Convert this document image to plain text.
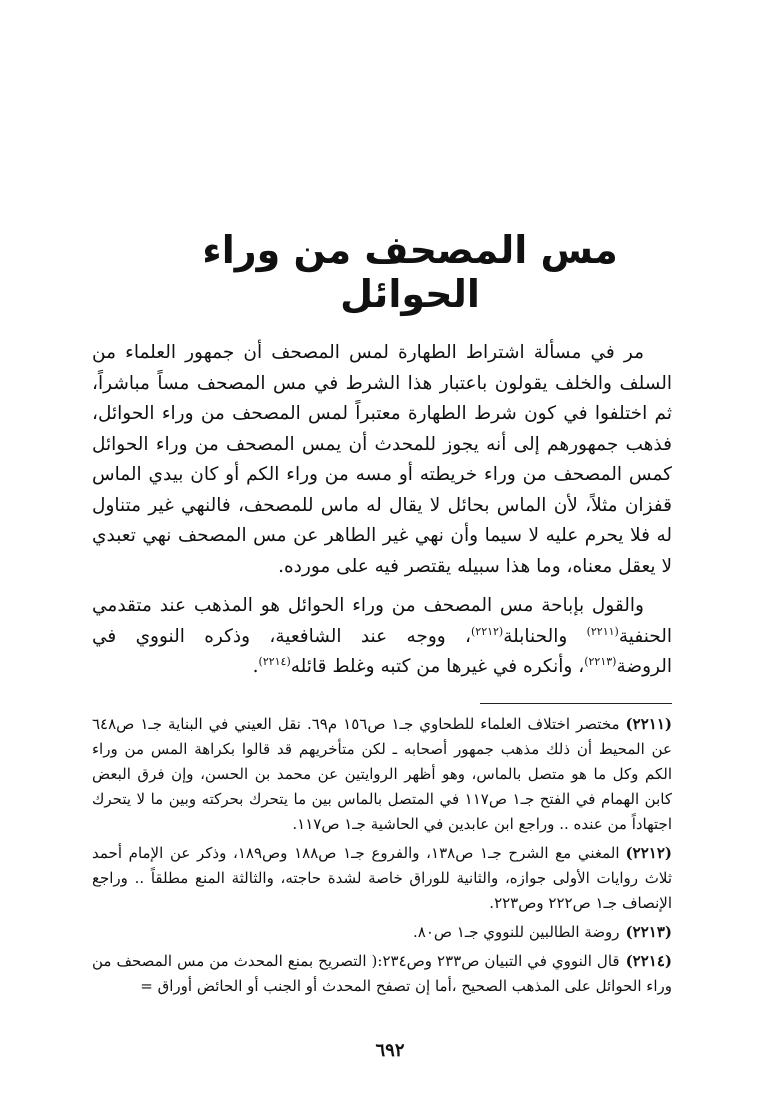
مس المصحف من وراء الحوائل

مر في مسألة اشتراط الطهارة لمس المصحف أن جمهور العلماء من السلف والخلف يقولون باعتبار هذا الشرط في مس المصحف مساً مباشراً، ثم اختلفوا في كون شرط الطهارة معتبراً لمس المصحف من وراء الحوائل، فذهب جمهورهم إلى أنه يجوز للمحدث أن يمس المصحف من وراء الحوائل كمس المصحف من وراء خريطته أو مسه من وراء الكم أو كان بيدي الماس قفزان مثلاً، لأن الماس بحائل لا يقال له ماس للمصحف، فالنهي غير متناول له فلا يحرم عليه لا سيما وأن نهي غير الطاهر عن مس المصحف نهي تعبدي لا يعقل معناه، وما هذا سبيله يقتصر فيه على مورده.

والقول بإباحة مس المصحف من وراء الحوائل هو المذهب عند متقدمي الحنفية$^{(٢٢١١)}$ والحنابلة$^{(٢٢١٢)}$، ووجه عند الشافعية، وذكره النووي في الروضة$^{(٢٢١٣)}$، وأنكره في غيرها من كتبه وغلط قائله$^{(٢٢١٤)}$.

(٢٢١١)مختصر اختلاف العلماء للطحاوي جـ١ ص١٥٦ م٦٩. نقل العيني في البناية جـ١ ص٦٤٨ عن المحيط أن ذلك مذهب جمهور أصحابه ـ لكن متأخريهم قد قالوا بكراهة المس من وراء الكم وكل ما هو متصل بالماس، وهو أظهر الروايتين عن محمد بن الحسن، وإن فرق البعض كابن الهمام في الفتح جـ١ ص١١٧ في المتصل بالماس بين ما يتحرك بحركته وبين ما لا يتحرك اجتهاداً من عنده .. وراجع ابن عابدين في الحاشية جـ١ ص١١٧.
(٢٢١٢)المغني مع الشرح جـ١ ص١٣٨، والفروع جـ١ ص١٨٨ وص١٨٩، وذكر عن الإمام أحمد ثلاث روايات الأولى جوازه، والثانية للوراق خاصة لشدة حاجته، والثالثة المنع مطلقاً .. وراجع الإنصاف جـ١ ص٢٢٢ وص٢٢٣.
(٢٢١٣)روضة الطالبين للنووي جـ١ ص٨٠.
(٢٢١٤)قال النووي في التبيان ص٢٣٣ وص٢٣٤:( التصريح بمنع المحدث من مس المصحف من وراء الحوائل على المذهب الصحيح ،أما إن تصفح المحدث أو الجنب أو الحائض أوراق =
٦٩٢
